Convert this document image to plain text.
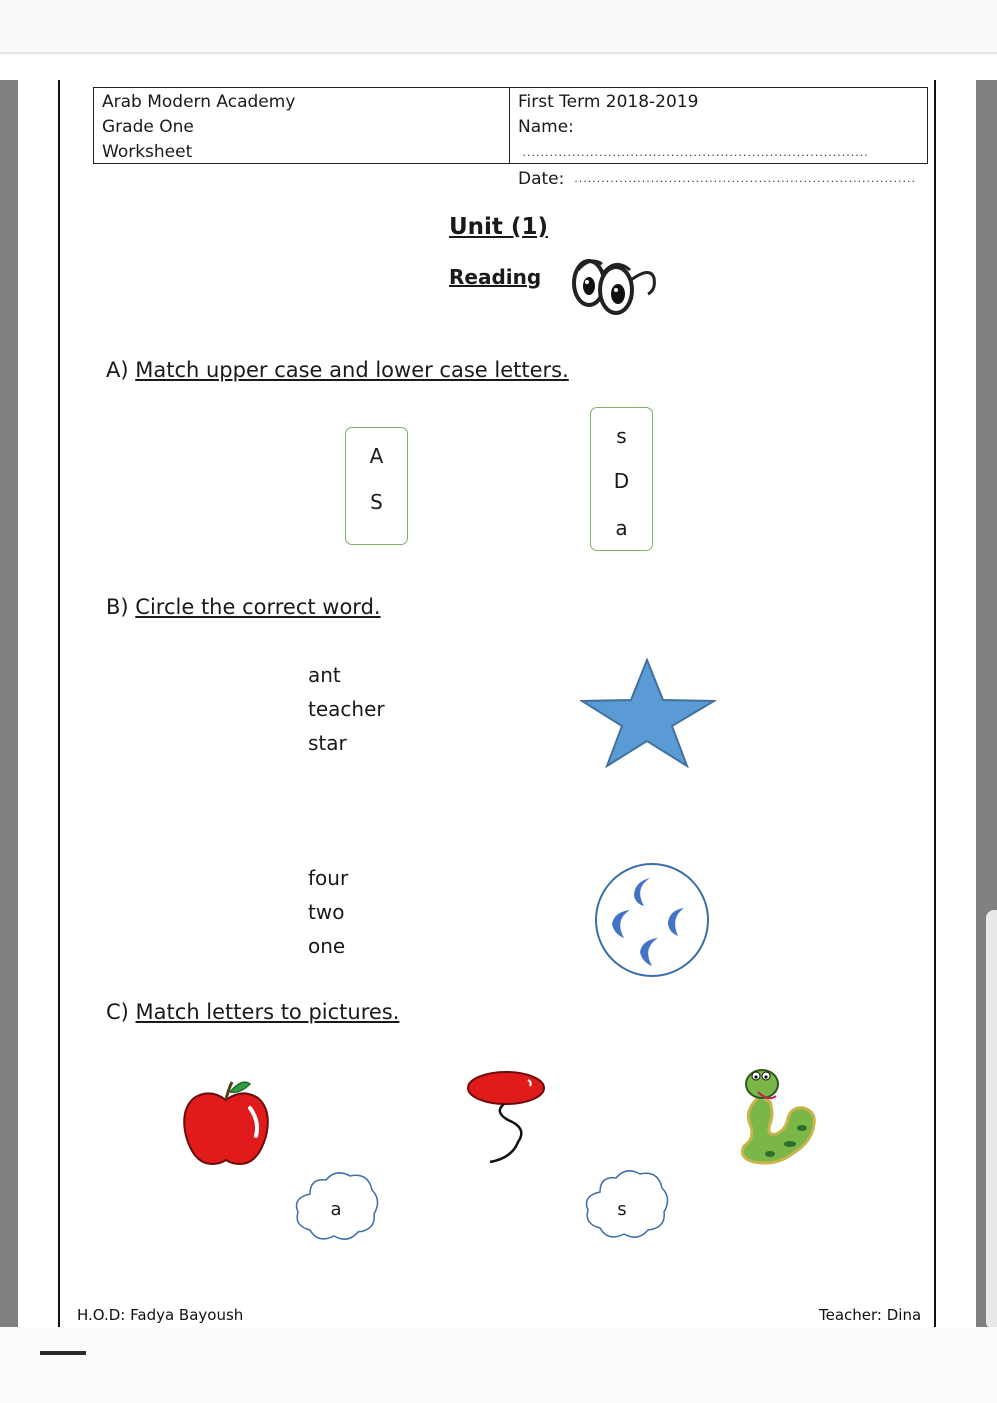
Arab Modern Academy
Grade One
Worksheet
First Term 2018-2019
Name:  .............................................................................
Date:  ............................................................................
Unit (1)
Reading
A) Match upper case and lower case letters.
A
S
s
D
a
B) Circle the correct word.
ant
teacher
star
four
two
one
C) Match letters to pictures.
a	s
H.O.D: Fadya Bayoush	Teacher: Dina
